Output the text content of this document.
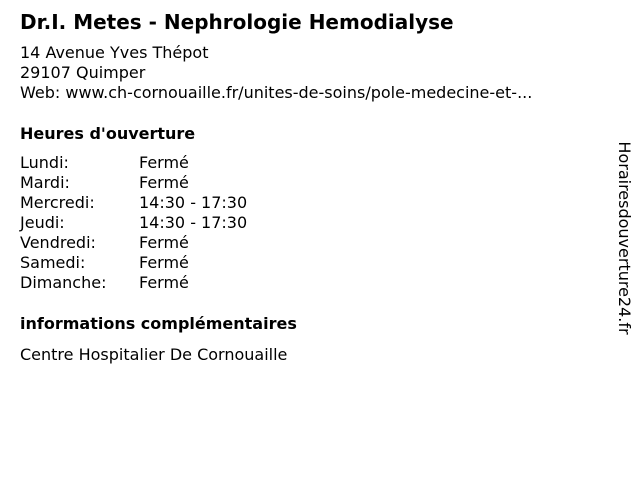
Dr.I. Metes - Nephrologie Hemodialyse
14 Avenue Yves Thépot
29107 Quimper
Web: www.ch-cornouaille.fr/unites-de-soins/pole-medecine-et-...
Heures d'ouverture
Lundi:	Fermé
Mardi:	Fermé
Mercredi:	14:30 - 17:30
Jeudi:	14:30 - 17:30
Vendredi:	Fermé
Samedi:	Fermé
Dimanche: Fermé
informations complémentaires
Centre Hospitalier De Cornouaille
Horairesdouverture24.fr
